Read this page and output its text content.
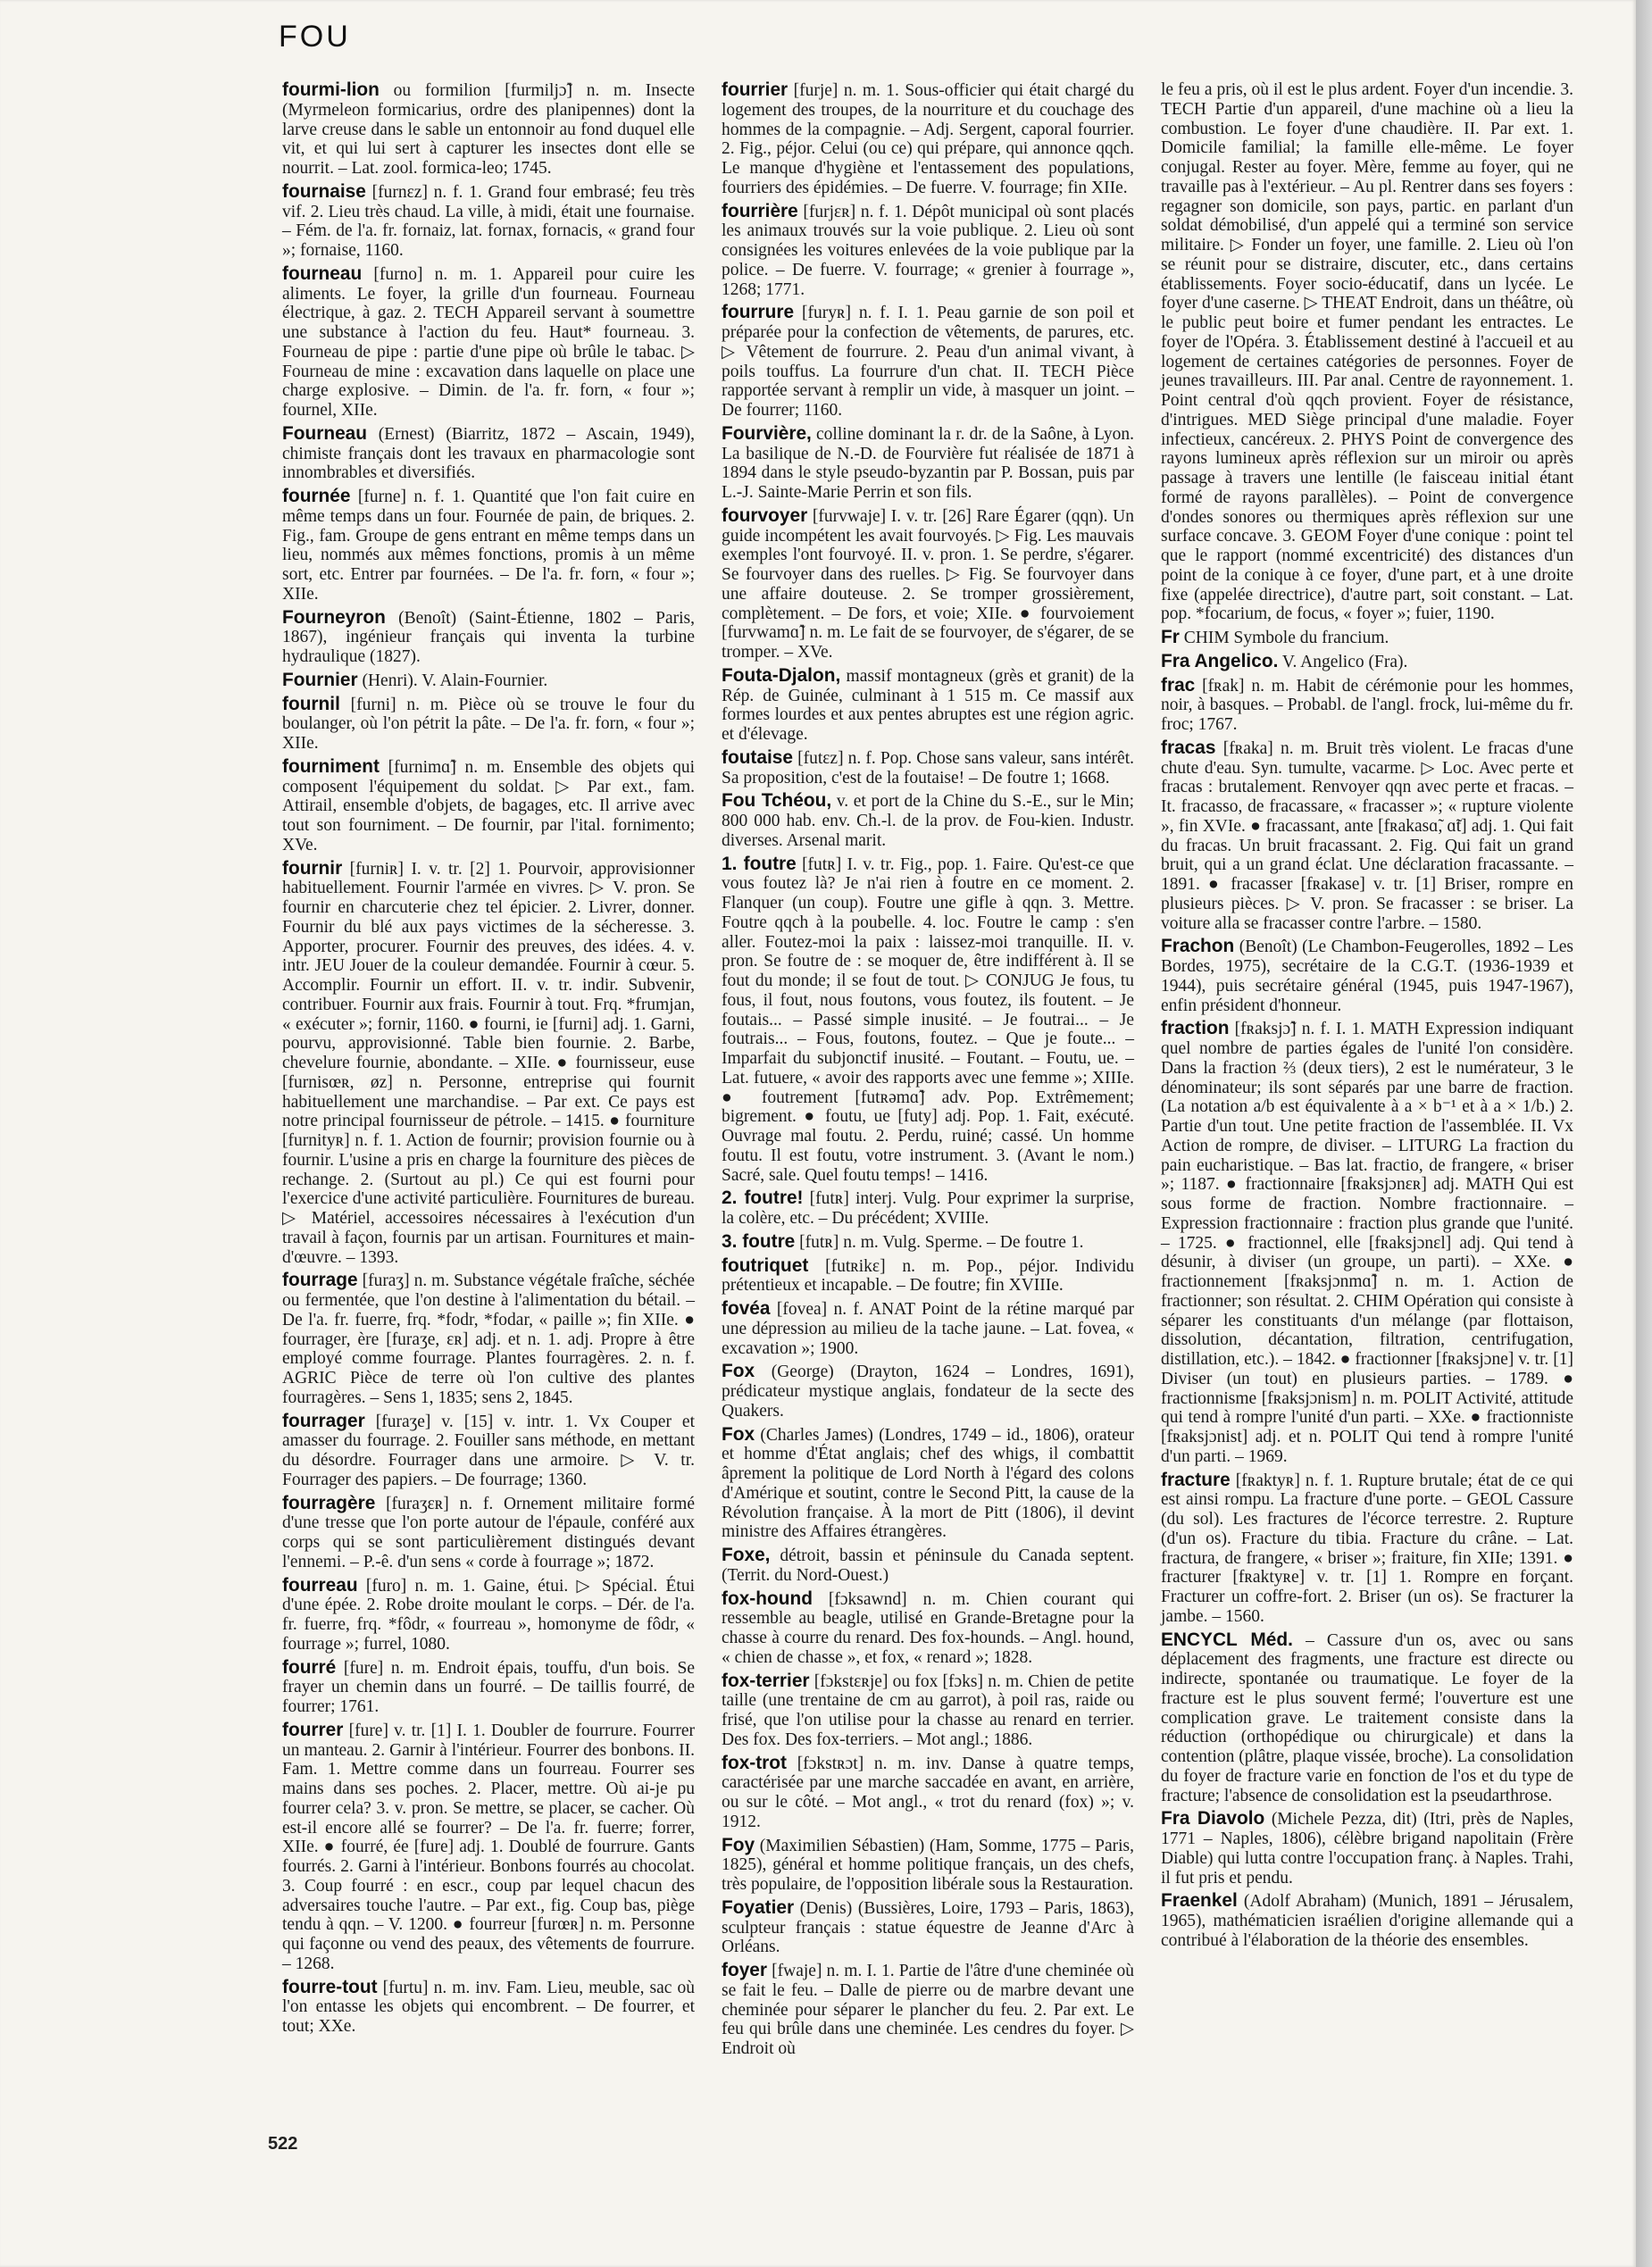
FOU

fourmi-lion ou formilion [furmiljɔ̃] n. m. Insecte (Myrmeleon formicarius, ordre des planipennes) dont la larve creuse dans le sable un entonnoir au fond duquel elle vit, et qui lui sert à capturer les insectes dont elle se nourrit. – Lat. zool. formica-leo; 1745.

fournaise [furnɛz] n. f. 1. Grand four embrasé; feu très vif. 2. Lieu très chaud. La ville, à midi, était une fournaise. – Fém. de l'a. fr. fornaiz, lat. fornax, fornacis, « grand four »; fornaise, 1160.

fourneau [furno] n. m. 1. Appareil pour cuire les aliments. Le foyer, la grille d'un fourneau. Fourneau électrique, à gaz. 2. TECH Appareil servant à soumettre une substance à l'action du feu. Haut* fourneau. 3. Fourneau de pipe : partie d'une pipe où brûle le tabac. ▷ Fourneau de mine : excavation dans laquelle on place une charge explosive. – Dimin. de l'a. fr. forn, « four »; fournel, XIIe.

Fourneau (Ernest) (Biarritz, 1872 – Ascain, 1949), chimiste français dont les travaux en pharmacologie sont innombrables et diversifiés.

fournée [furne] n. f. 1. Quantité que l'on fait cuire en même temps dans un four. Fournée de pain, de briques. 2. Fig., fam. Groupe de gens entrant en même temps dans un lieu, nommés aux mêmes fonctions, promis à un même sort, etc. Entrer par fournées. – De l'a. fr. forn, « four »; XIIe.

Fourneyron (Benoît) (Saint-Étienne, 1802 – Paris, 1867), ingénieur français qui inventa la turbine hydraulique (1827).

Fournier (Henri). V. Alain-Fournier.

fournil [furni] n. m. Pièce où se trouve le four du boulanger, où l'on pétrit la pâte. – De l'a. fr. forn, « four »; XIIe.

fourniment [furnimɑ̃] n. m. Ensemble des objets qui composent l'équipement du soldat. ▷ Par ext., fam. Attirail, ensemble d'objets, de bagages, etc. Il arrive avec tout son fourniment. – De fournir, par l'ital. fornimento; XVe.

fournir [furniʀ] I. v. tr. [2] 1. Pourvoir, approvisionner habituellement. Fournir l'armée en vivres. ▷ V. pron. Se fournir en charcuterie chez tel épicier. 2. Livrer, donner. Fournir du blé aux pays victimes de la sécheresse. 3. Apporter, procurer. Fournir des preuves, des idées. 4. v. intr. JEU Jouer de la couleur demandée. Fournir à cœur. 5. Accomplir. Fournir un effort. II. v. tr. indir. Subvenir, contribuer. Fournir aux frais. Fournir à tout. Frq. *frumjan, « exécuter »; fornir, 1160. ● fourni, ie [furni] adj. 1. Garni, pourvu, approvisionné. Table bien fournie. 2. Barbe, chevelure fournie, abondante. – XIIe. ● fournisseur, euse [furnisœʀ, øz] n. Personne, entreprise qui fournit habituellement une marchandise. – Par ext. Ce pays est notre principal fournisseur de pétrole. – 1415. ● fourniture [furnityʀ] n. f. 1. Action de fournir; provision fournie ou à fournir. L'usine a pris en charge la fourniture des pièces de rechange. 2. (Surtout au pl.) Ce qui est fourni pour l'exercice d'une activité particulière. Fournitures de bureau. ▷ Matériel, accessoires nécessaires à l'exécution d'un travail à façon, fournis par un artisan. Fournitures et main-d'œuvre. – 1393.

fourrage [furaʒ] n. m. Substance végétale fraîche, séchée ou fermentée, que l'on destine à l'alimentation du bétail. – De l'a. fr. fuerre, frq. *fodr, *fodar, « paille »; fin XIIe. ● fourrager, ère [furaʒe, ɛʀ] adj. et n. 1. adj. Propre à être employé comme fourrage. Plantes fourragères. 2. n. f. AGRIC Pièce de terre où l'on cultive des plantes fourragères. – Sens 1, 1835; sens 2, 1845.

fourrager [furaʒe] v. [15] v. intr. 1. Vx Couper et amasser du fourrage. 2. Fouiller sans méthode, en mettant du désordre. Fourrager dans une armoire. ▷ V. tr. Fourrager des papiers. – De fourrage; 1360.

fourragère [furaʒɛʀ] n. f. Ornement militaire formé d'une tresse que l'on porte autour de l'épaule, conféré aux corps qui se sont particulièrement distingués devant l'ennemi. – P.-ê. d'un sens « corde à fourrage »; 1872.

fourreau [furo] n. m. 1. Gaine, étui. ▷ Spécial. Étui d'une épée. 2. Robe droite moulant le corps. – Dér. de l'a. fr. fuerre, frq. *fôdr, « fourreau », homonyme de fôdr, « fourrage »; furrel, 1080.

fourré [fure] n. m. Endroit épais, touffu, d'un bois. Se frayer un chemin dans un fourré. – De taillis fourré, de fourrer; 1761.

fourrer [fure] v. tr. [1] I. 1. Doubler de fourrure. Fourrer un manteau. 2. Garnir à l'intérieur. Fourrer des bonbons. II. Fam. 1. Mettre comme dans un fourreau. Fourrer ses mains dans ses poches. 2. Placer, mettre. Où ai-je pu fourrer cela? 3. v. pron. Se mettre, se placer, se cacher. Où est-il encore allé se fourrer? – De l'a. fr. fuerre; forrer, XIIe. ● fourré, ée [fure] adj. 1. Doublé de fourrure. Gants fourrés. 2. Garni à l'intérieur. Bonbons fourrés au chocolat. 3. Coup fourré : en escr., coup par lequel chacun des adversaires touche l'autre. – Par ext., fig. Coup bas, piège tendu à qqn. – V. 1200. ● fourreur [furœʀ] n. m. Personne qui façonne ou vend des peaux, des vêtements de fourrure. – 1268.

fourre-tout [furtu] n. m. inv. Fam. Lieu, meuble, sac où l'on entasse les objets qui encombrent. – De fourrer, et tout; XXe.

fourrier [furje] n. m. 1. Sous-officier qui était chargé du logement des troupes, de la nourriture et du couchage des hommes de la compagnie. – Adj. Sergent, caporal fourrier. 2. Fig., péjor. Celui (ou ce) qui prépare, qui annonce qqch. Le manque d'hygiène et l'entassement des populations, fourriers des épidémies. – De fuerre. V. fourrage; fin XIIe.

fourrière [furjɛʀ] n. f. 1. Dépôt municipal où sont placés les animaux trouvés sur la voie publique. 2. Lieu où sont consignées les voitures enlevées de la voie publique par la police. – De fuerre. V. fourrage; « grenier à fourrage », 1268; 1771.

fourrure [furyʀ] n. f. I. 1. Peau garnie de son poil et préparée pour la confection de vêtements, de parures, etc. ▷ Vêtement de fourrure. 2. Peau d'un animal vivant, à poils touffus. La fourrure d'un chat. II. TECH Pièce rapportée servant à remplir un vide, à masquer un joint. – De fourrer; 1160.

Fourvière, colline dominant la r. dr. de la Saône, à Lyon. La basilique de N.-D. de Fourvière fut réalisée de 1871 à 1894 dans le style pseudo-byzantin par P. Bossan, puis par L.-J. Sainte-Marie Perrin et son fils.

fourvoyer [furvwaje] I. v. tr. [26] Rare Égarer (qqn). Un guide incompétent les avait fourvoyés. ▷ Fig. Les mauvais exemples l'ont fourvoyé. II. v. pron. 1. Se perdre, s'égarer. Se fourvoyer dans des ruelles. ▷ Fig. Se fourvoyer dans une affaire douteuse. 2. Se tromper grossièrement, complètement. – De fors, et voie; XIIe. ● fourvoiement [furvwamɑ̃] n. m. Le fait de se fourvoyer, de s'égarer, de se tromper. – XVe.

Fouta-Djalon, massif montagneux (grès et granit) de la Rép. de Guinée, culminant à 1 515 m. Ce massif aux formes lourdes et aux pentes abruptes est une région agric. et d'élevage.

foutaise [futɛz] n. f. Pop. Chose sans valeur, sans intérêt. Sa proposition, c'est de la foutaise! – De foutre 1; 1668.

Fou Tchéou, v. et port de la Chine du S.-E., sur le Min; 800 000 hab. env. Ch.-l. de la prov. de Fou-kien. Industr. diverses. Arsenal marit.

1. foutre [futʀ] I. v. tr. Fig., pop. 1. Faire. Qu'est-ce que vous foutez là? Je n'ai rien à foutre en ce moment. 2. Flanquer (un coup). Foutre une gifle à qqn. 3. Mettre. Foutre qqch à la poubelle. 4. loc. Foutre le camp : s'en aller. Foutez-moi la paix : laissez-moi tranquille. II. v. pron. Se foutre de : se moquer de, être indifférent à. Il se fout du monde; il se fout de tout. ▷ CONJUG Je fous, tu fous, il fout, nous foutons, vous foutez, ils foutent. – Je foutais... – Passé simple inusité. – Je foutrai... – Je foutrais... – Fous, foutons, foutez. – Que je foute... – Imparfait du subjonctif inusité. – Foutant. – Foutu, ue. – Lat. futuere, « avoir des rapports avec une femme »; XIIIe. ● foutrement [futʀəmɑ̃] adv. Pop. Extrêmement; bigrement. ● foutu, ue [futy] adj. Pop. 1. Fait, exécuté. Ouvrage mal foutu. 2. Perdu, ruiné; cassé. Un homme foutu. Il est foutu, votre instrument. 3. (Avant le nom.) Sacré, sale. Quel foutu temps! – 1416.

2. foutre! [futʀ] interj. Vulg. Pour exprimer la surprise, la colère, etc. – Du précédent; XVIIIe.

3. foutre [futʀ] n. m. Vulg. Sperme. – De foutre 1.

foutriquet [futʀikɛ] n. m. Pop., péjor. Individu prétentieux et incapable. – De foutre; fin XVIIIe.

fovéa [fovea] n. f. ANAT Point de la rétine marqué par une dépression au milieu de la tache jaune. – Lat. fovea, « excavation »; 1900.

Fox (George) (Drayton, 1624 – Londres, 1691), prédicateur mystique anglais, fondateur de la secte des Quakers.

Fox (Charles James) (Londres, 1749 – id., 1806), orateur et homme d'État anglais; chef des whigs, il combattit âprement la politique de Lord North à l'égard des colons d'Amérique et soutint, contre le Second Pitt, la cause de la Révolution française. À la mort de Pitt (1806), il devint ministre des Affaires étrangères.

Foxe, détroit, bassin et péninsule du Canada septent. (Territ. du Nord-Ouest.)

fox-hound [fɔksawnd] n. m. Chien courant qui ressemble au beagle, utilisé en Grande-Bretagne pour la chasse à courre du renard. Des fox-hounds. – Angl. hound, « chien de chasse », et fox, « renard »; 1828.

fox-terrier [fɔkstɛʀje] ou fox [fɔks] n. m. Chien de petite taille (une trentaine de cm au garrot), à poil ras, raide ou frisé, que l'on utilise pour la chasse au renard en terrier. Des fox. Des fox-terriers. – Mot angl.; 1886.

fox-trot [fɔkstʀɔt] n. m. inv. Danse à quatre temps, caractérisée par une marche saccadée en avant, en arrière, ou sur le côté. – Mot angl., « trot du renard (fox) »; v. 1912.

Foy (Maximilien Sébastien) (Ham, Somme, 1775 – Paris, 1825), général et homme politique français, un des chefs, très populaire, de l'opposition libérale sous la Restauration.

Foyatier (Denis) (Bussières, Loire, 1793 – Paris, 1863), sculpteur français : statue équestre de Jeanne d'Arc à Orléans.

foyer [fwaje] n. m. I. 1. Partie de l'âtre d'une cheminée où se fait le feu. – Dalle de pierre ou de marbre devant une cheminée pour séparer le plancher du feu. 2. Par ext. Le feu qui brûle dans une cheminée. Les cendres du foyer. ▷ Endroit où

le feu a pris, où il est le plus ardent. Foyer d'un incendie. 3. TECH Partie d'un appareil, d'une machine où a lieu la combustion. Le foyer d'une chaudière. II. Par ext. 1. Domicile familial; la famille elle-même. Le foyer conjugal. Rester au foyer. Mère, femme au foyer, qui ne travaille pas à l'extérieur. – Au pl. Rentrer dans ses foyers : regagner son domicile, son pays, partic. en parlant d'un soldat démobilisé, d'un appelé qui a terminé son service militaire. ▷ Fonder un foyer, une famille. 2. Lieu où l'on se réunit pour se distraire, discuter, etc., dans certains établissements. Foyer socio-éducatif, dans un lycée. Le foyer d'une caserne. ▷ THEAT Endroit, dans un théâtre, où le public peut boire et fumer pendant les entractes. Le foyer de l'Opéra. 3. Établissement destiné à l'accueil et au logement de certaines catégories de personnes. Foyer de jeunes travailleurs. III. Par anal. Centre de rayonnement. 1. Point central d'où qqch provient. Foyer de résistance, d'intrigues. MED Siège principal d'une maladie. Foyer infectieux, cancéreux. 2. PHYS Point de convergence des rayons lumineux après réflexion sur un miroir ou après passage à travers une lentille (le faisceau initial étant formé de rayons parallèles). – Point de convergence d'ondes sonores ou thermiques après réflexion sur une surface concave. 3. GEOM Foyer d'une conique : point tel que le rapport (nommé excentricité) des distances d'un point de la conique à ce foyer, d'une part, et à une droite fixe (appelée directrice), d'autre part, soit constant. – Lat. pop. *focarium, de focus, « foyer »; fuier, 1190.

Fr CHIM Symbole du francium.

Fra Angelico. V. Angelico (Fra).

frac [fʀak] n. m. Habit de cérémonie pour les hommes, noir, à basques. – Probabl. de l'angl. frock, lui-même du fr. froc; 1767.

fracas [fʀaka] n. m. Bruit très violent. Le fracas d'une chute d'eau. Syn. tumulte, vacarme. ▷ Loc. Avec perte et fracas : brutalement. Renvoyer qqn avec perte et fracas. – It. fracasso, de fracassare, « fracasser »; « rupture violente », fin XVIe. ● fracassant, ante [fʀakasɑ̃, ɑ̃t] adj. 1. Qui fait du fracas. Un bruit fracassant. 2. Fig. Qui fait un grand bruit, qui a un grand éclat. Une déclaration fracassante. – 1891. ● fracasser [fʀakase] v. tr. [1] Briser, rompre en plusieurs pièces. ▷ V. pron. Se fracasser : se briser. La voiture alla se fracasser contre l'arbre. – 1580.

Frachon (Benoît) (Le Chambon-Feugerolles, 1892 – Les Bordes, 1975), secrétaire de la C.G.T. (1936-1939 et 1944), puis secrétaire général (1945, puis 1947-1967), enfin président d'honneur.

fraction [fʀaksjɔ̃] n. f. I. 1. MATH Expression indiquant quel nombre de parties égales de l'unité l'on considère. Dans la fraction ⅔ (deux tiers), 2 est le numérateur, 3 le dénominateur; ils sont séparés par une barre de fraction. (La notation a/b est équivalente à a × b⁻¹ et à a × 1/b.) 2. Partie d'un tout. Une petite fraction de l'assemblée. II. Vx Action de rompre, de diviser. – LITURG La fraction du pain eucharistique. – Bas lat. fractio, de frangere, « briser »; 1187. ● fractionnaire [fʀaksjɔnɛʀ] adj. MATH Qui est sous forme de fraction. Nombre fractionnaire. – Expression fractionnaire : fraction plus grande que l'unité. – 1725. ● fractionnel, elle [fʀaksjɔnɛl] adj. Qui tend à désunir, à diviser (un groupe, un parti). – XXe. ● fractionnement [fʀaksjɔnmɑ̃] n. m. 1. Action de fractionner; son résultat. 2. CHIM Opération qui consiste à séparer les constituants d'un mélange (par flottaison, dissolution, décantation, filtration, centrifugation, distillation, etc.). – 1842. ● fractionner [fʀaksjɔne] v. tr. [1] Diviser (un tout) en plusieurs parties. – 1789. ● fractionnisme [fʀaksjɔnism] n. m. POLIT Activité, attitude qui tend à rompre l'unité d'un parti. – XXe. ● fractionniste [fʀaksjɔnist] adj. et n. POLIT Qui tend à rompre l'unité d'un parti. – 1969.

fracture [fʀaktyʀ] n. f. 1. Rupture brutale; état de ce qui est ainsi rompu. La fracture d'une porte. – GEOL Cassure (du sol). Les fractures de l'écorce terrestre. 2. Rupture (d'un os). Fracture du tibia. Fracture du crâne. – Lat. fractura, de frangere, « briser »; fraiture, fin XIIe; 1391. ● fracturer [fʀaktyʀe] v. tr. [1] 1. Rompre en forçant. Fracturer un coffre-fort. 2. Briser (un os). Se fracturer la jambe. – 1560.

ENCYCL Méd. – Cassure d'un os, avec ou sans déplacement des fragments, une fracture est directe ou indirecte, spontanée ou traumatique. Le foyer de la fracture est le plus souvent fermé; l'ouverture est une complication grave. Le traitement consiste dans la réduction (orthopédique ou chirurgicale) et dans la contention (plâtre, plaque vissée, broche). La consolidation du foyer de fracture varie en fonction de l'os et du type de fracture; l'absence de consolidation est la pseudarthrose.

Fra Diavolo (Michele Pezza, dit) (Itri, près de Naples, 1771 – Naples, 1806), célèbre brigand napolitain (Frère Diable) qui lutta contre l'occupation franç. à Naples. Trahi, il fut pris et pendu.

Fraenkel (Adolf Abraham) (Munich, 1891 – Jérusalem, 1965), mathématicien israélien d'origine allemande qui a contribué à l'élaboration de la théorie des ensembles.

522
